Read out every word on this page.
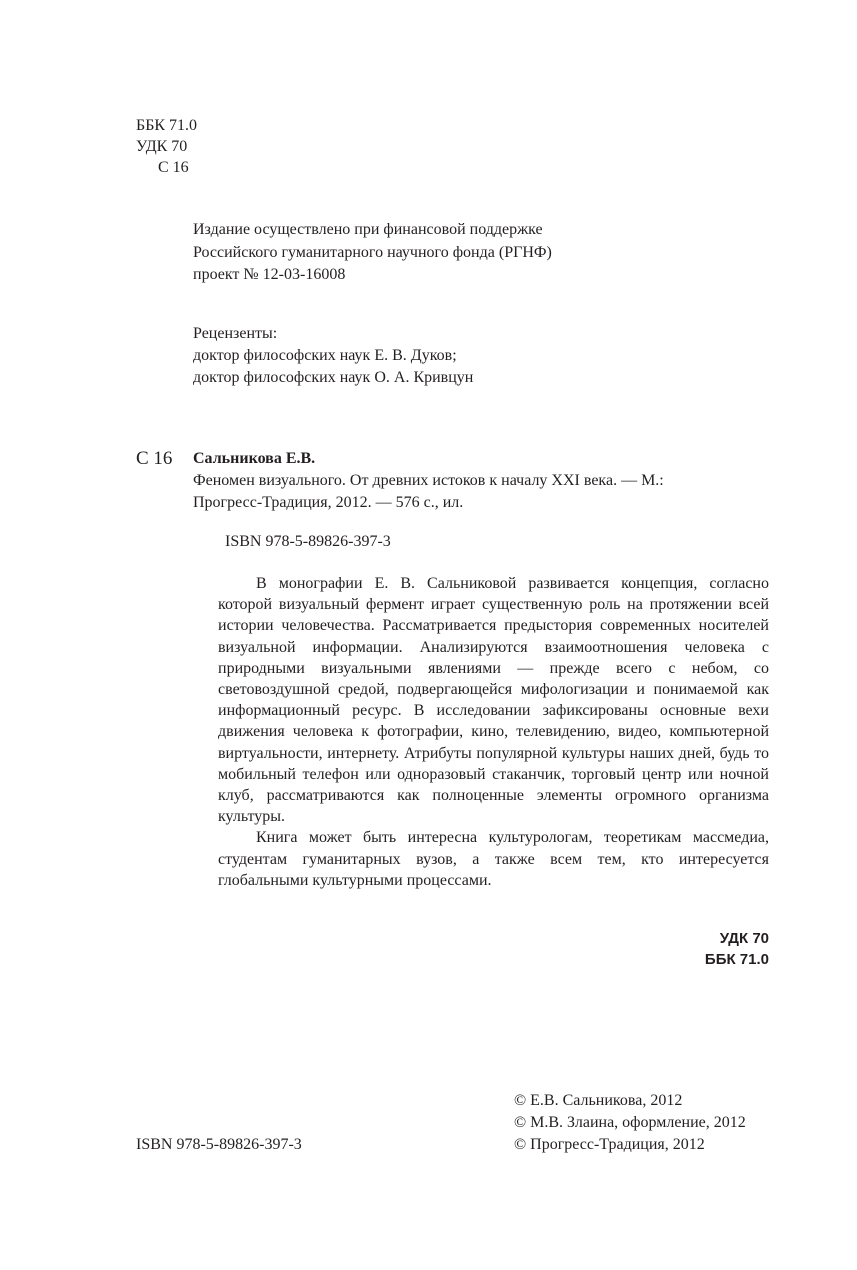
ББК 71.0
УДК 70
С 16
Издание осуществлено при финансовой поддержке
Российского гуманитарного научного фонда (РГНФ)
проект № 12-03-16008
Рецензенты:
доктор философских наук Е. В. Дуков;
доктор философских наук О. А. Кривцун
С 16 Сальникова Е.В.
Феномен визуального. От древних истоков к началу XXI века. — М.:
Прогресс-Традиция, 2012. — 576 с., ил.
ISBN 978-5-89826-397-3

В монографии Е. В. Сальниковой развивается концепция, согласно которой визуальный фермент играет существенную роль на протяжении всей истории человечества. Рассматривается предыстория современных носителей визуальной информации. Анализируются взаимоотношения человека с природными визуальными явлениями — прежде всего с небом, со световоздушной средой, подвергающейся мифологизации и понимаемой как информационный ресурс. В исследовании зафиксированы основные вехи движения человека к фотографии, кино, телевидению, видео, компьютерной виртуальности, интернету. Атрибуты популярной культуры наших дней, будь то мобильный телефон или одноразовый стаканчик, торговый центр или ночной клуб, рассматриваются как полноценные элементы огромного организма культуры.

Книга может быть интересна культурологам, теоретикам массмедиа, студентам гуманитарных вузов, а также всем тем, кто интересуется глобальными культурными процессами.

УДК 70
ББК 71.0
ISBN 978-5-89826-397-3
© Е.В. Сальникова, 2012
© М.В. Злаина, оформление, 2012
© Прогресс-Традиция, 2012
